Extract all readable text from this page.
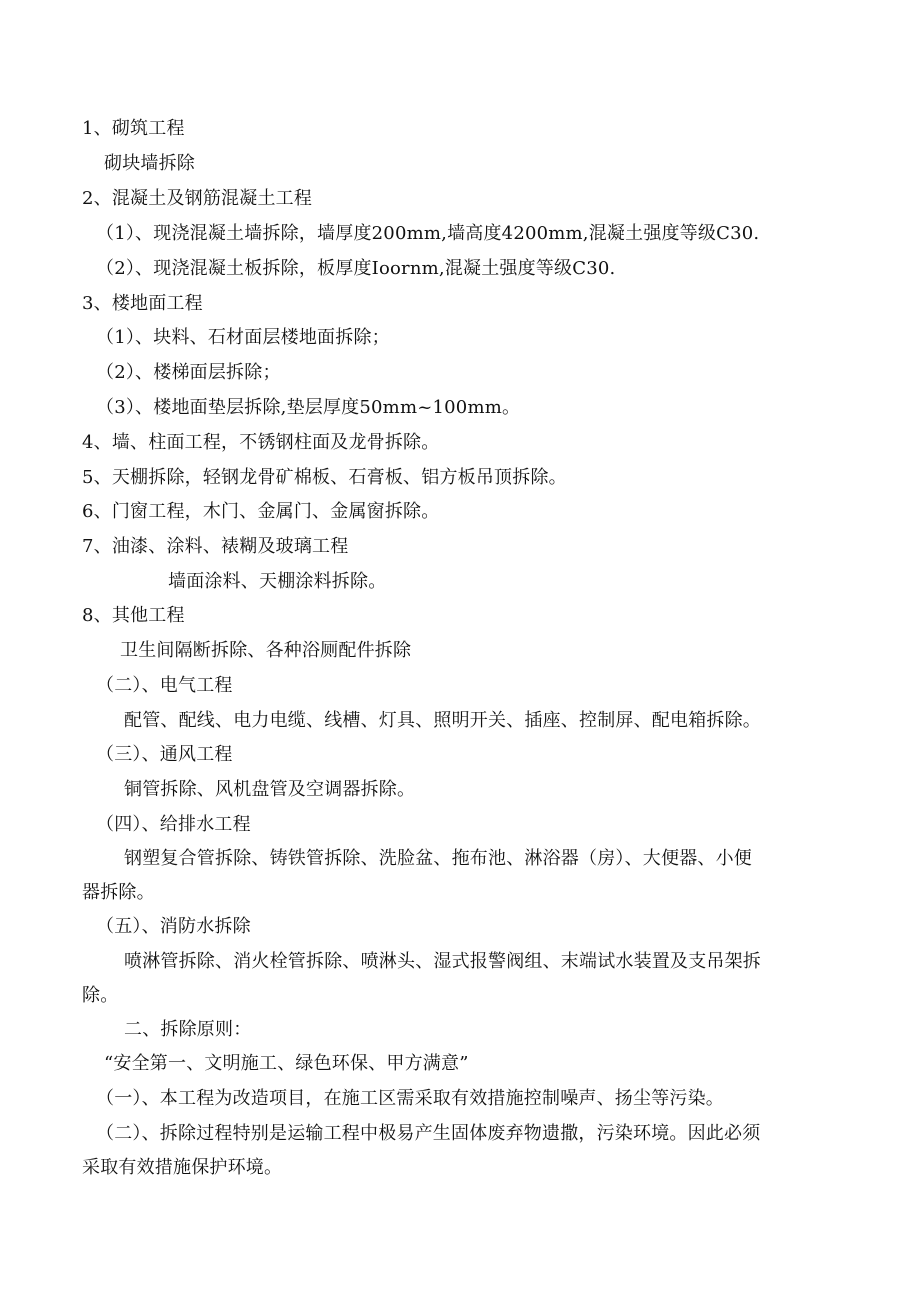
1、砌筑工程
砌块墙拆除
2、混凝土及钢筋混凝土工程
（1）、现浇混凝土墙拆除，墙厚度200mm,墙高度4200mm,混凝土强度等级C30.
（2）、现浇混凝土板拆除，板厚度Ioornm,混凝土强度等级C30.
3、楼地面工程
（1）、块料、石材面层楼地面拆除；
（2）、楼梯面层拆除；
（3）、楼地面垫层拆除,垫层厚度50mm~100mm。
4、墙、柱面工程，不锈钢柱面及龙骨拆除。
5、天棚拆除，轻钢龙骨矿棉板、石膏板、铝方板吊顶拆除。
6、门窗工程，木门、金属门、金属窗拆除。
7、油漆、涂料、裱糊及玻璃工程
墙面涂料、天棚涂料拆除。
8、其他工程
卫生间隔断拆除、各种浴厕配件拆除
（二）、电气工程
配管、配线、电力电缆、线槽、灯具、照明开关、插座、控制屏、配电箱拆除。
（三）、通风工程
铜管拆除、风机盘管及空调器拆除。
（四）、给排水工程
钢塑复合管拆除、铸铁管拆除、洗脸盆、拖布池、淋浴器（房）、大便器、小便
器拆除。
（五）、消防水拆除
喷淋管拆除、消火栓管拆除、喷淋头、湿式报警阀组、末端试水装置及支吊架拆
除。
二、拆除原则：
“安全第一、文明施工、绿色环保、甲方满意”
（一）、本工程为改造项目，在施工区需采取有效措施控制噪声、扬尘等污染。
（二）、拆除过程特别是运输工程中极易产生固体废弃物遗撒，污染环境。因此必须
采取有效措施保护环境。
